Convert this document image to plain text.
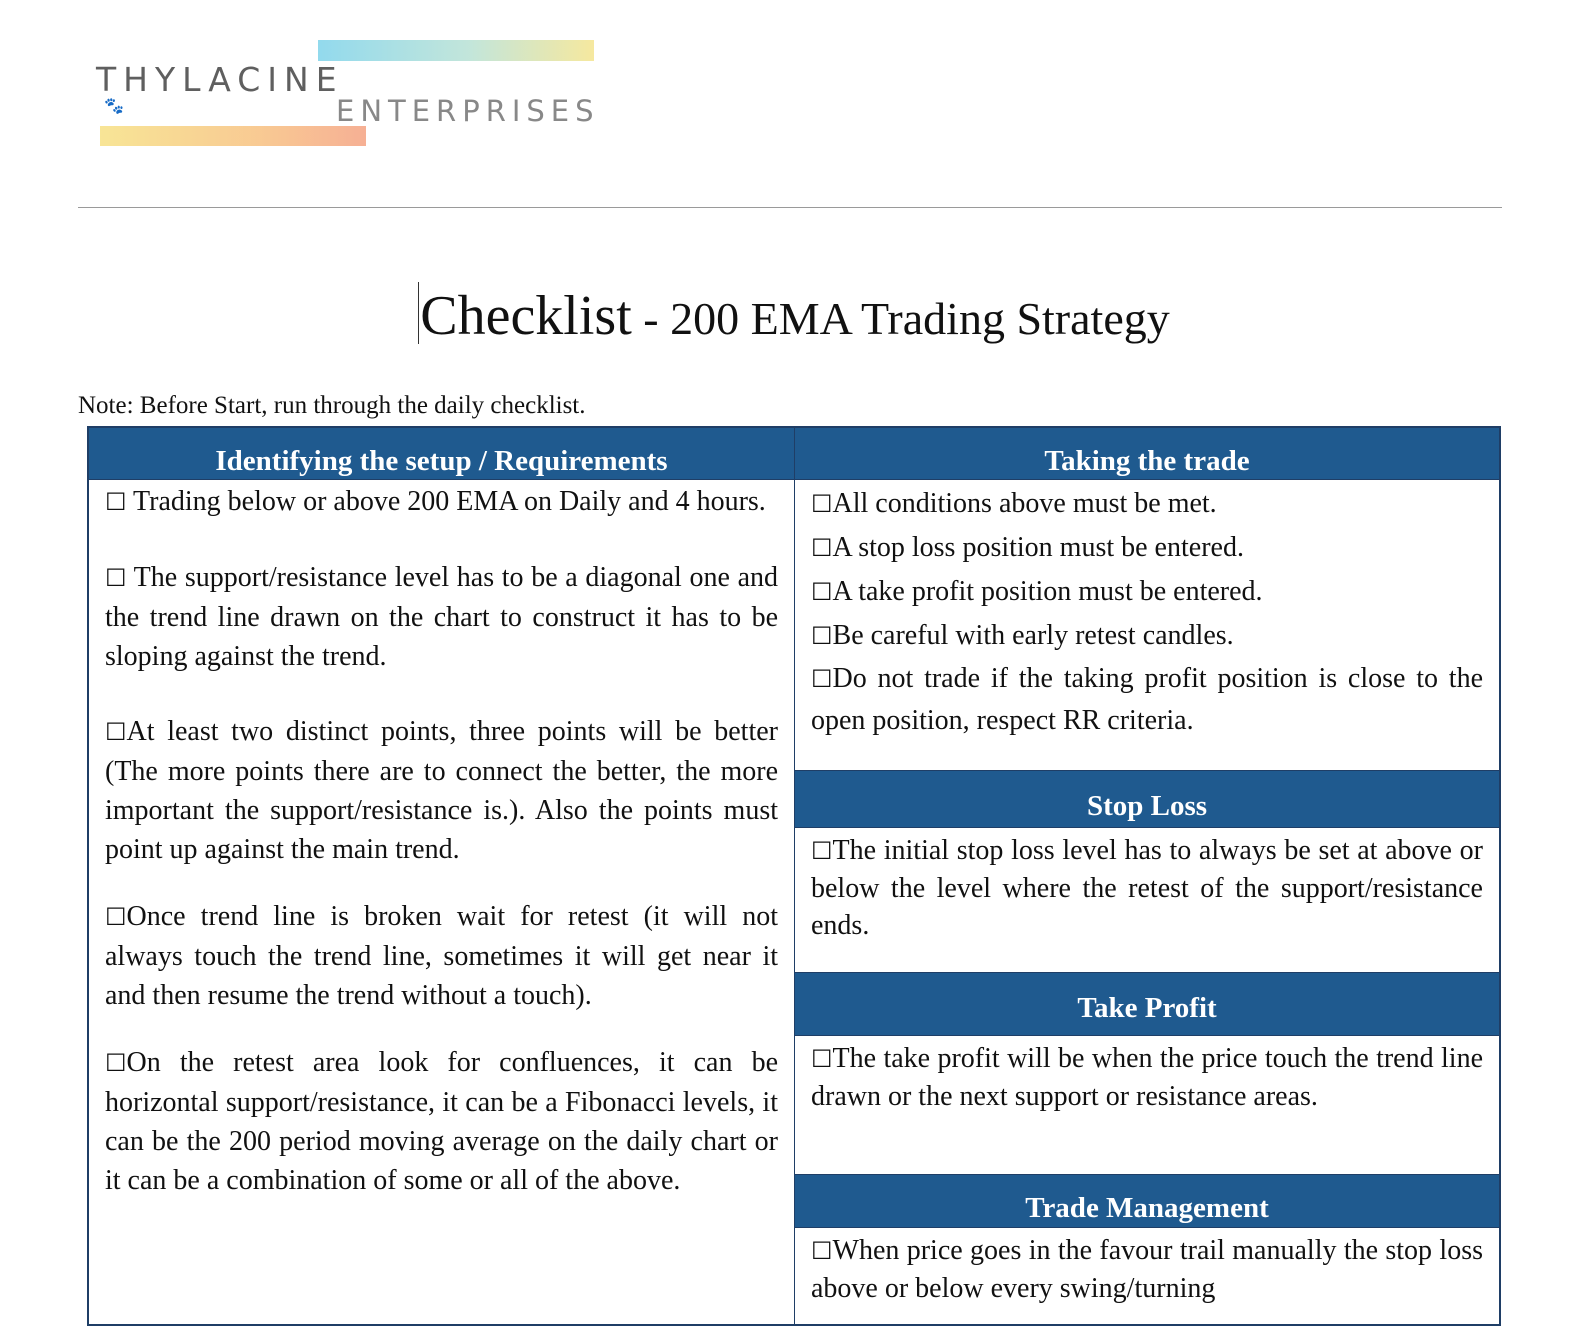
🐾
THYLACINE
ENTERPRISES
Checklist - 200 EMA Trading Strategy
Note: Before Start, run through the daily checklist.
Identifying the setup / Requirements

☐ Trading below or above 200 EMA on Daily and 4 hours.

☐ The support/resistance level has to be a diagonal one and the trend line drawn on the chart to construct it has to be sloping against the trend.

☐At least two distinct points, three points will be better (The more points there are to connect the better, the more important the support/resistance is.). Also the points must point up against the main trend.

☐Once trend line is broken wait for retest (it will not always touch the trend line, sometimes it will get near it and then resume the trend without a touch).

☐On the retest area look for confluences, it can be horizontal support/resistance, it can be a Fibonacci levels, it can be the 200 period moving average on the daily chart or it can be a combination of some or all of the above.

Taking the trade

☐All conditions above must be met.

☐A stop loss position must be entered.

☐A take profit position must be entered.

☐Be careful with early retest candles.

☐Do not trade if the taking profit position is close to the open position, respect RR criteria.

Stop Loss

☐The initial stop loss level has to always be set at above or below the level where the retest of the support/resistance ends.

Take Profit

☐The take profit will be when the price touch the trend line drawn or the next support or resistance areas.

Trade Management

☐When price goes in the favour trail manually the stop loss above or below every swing/turning
